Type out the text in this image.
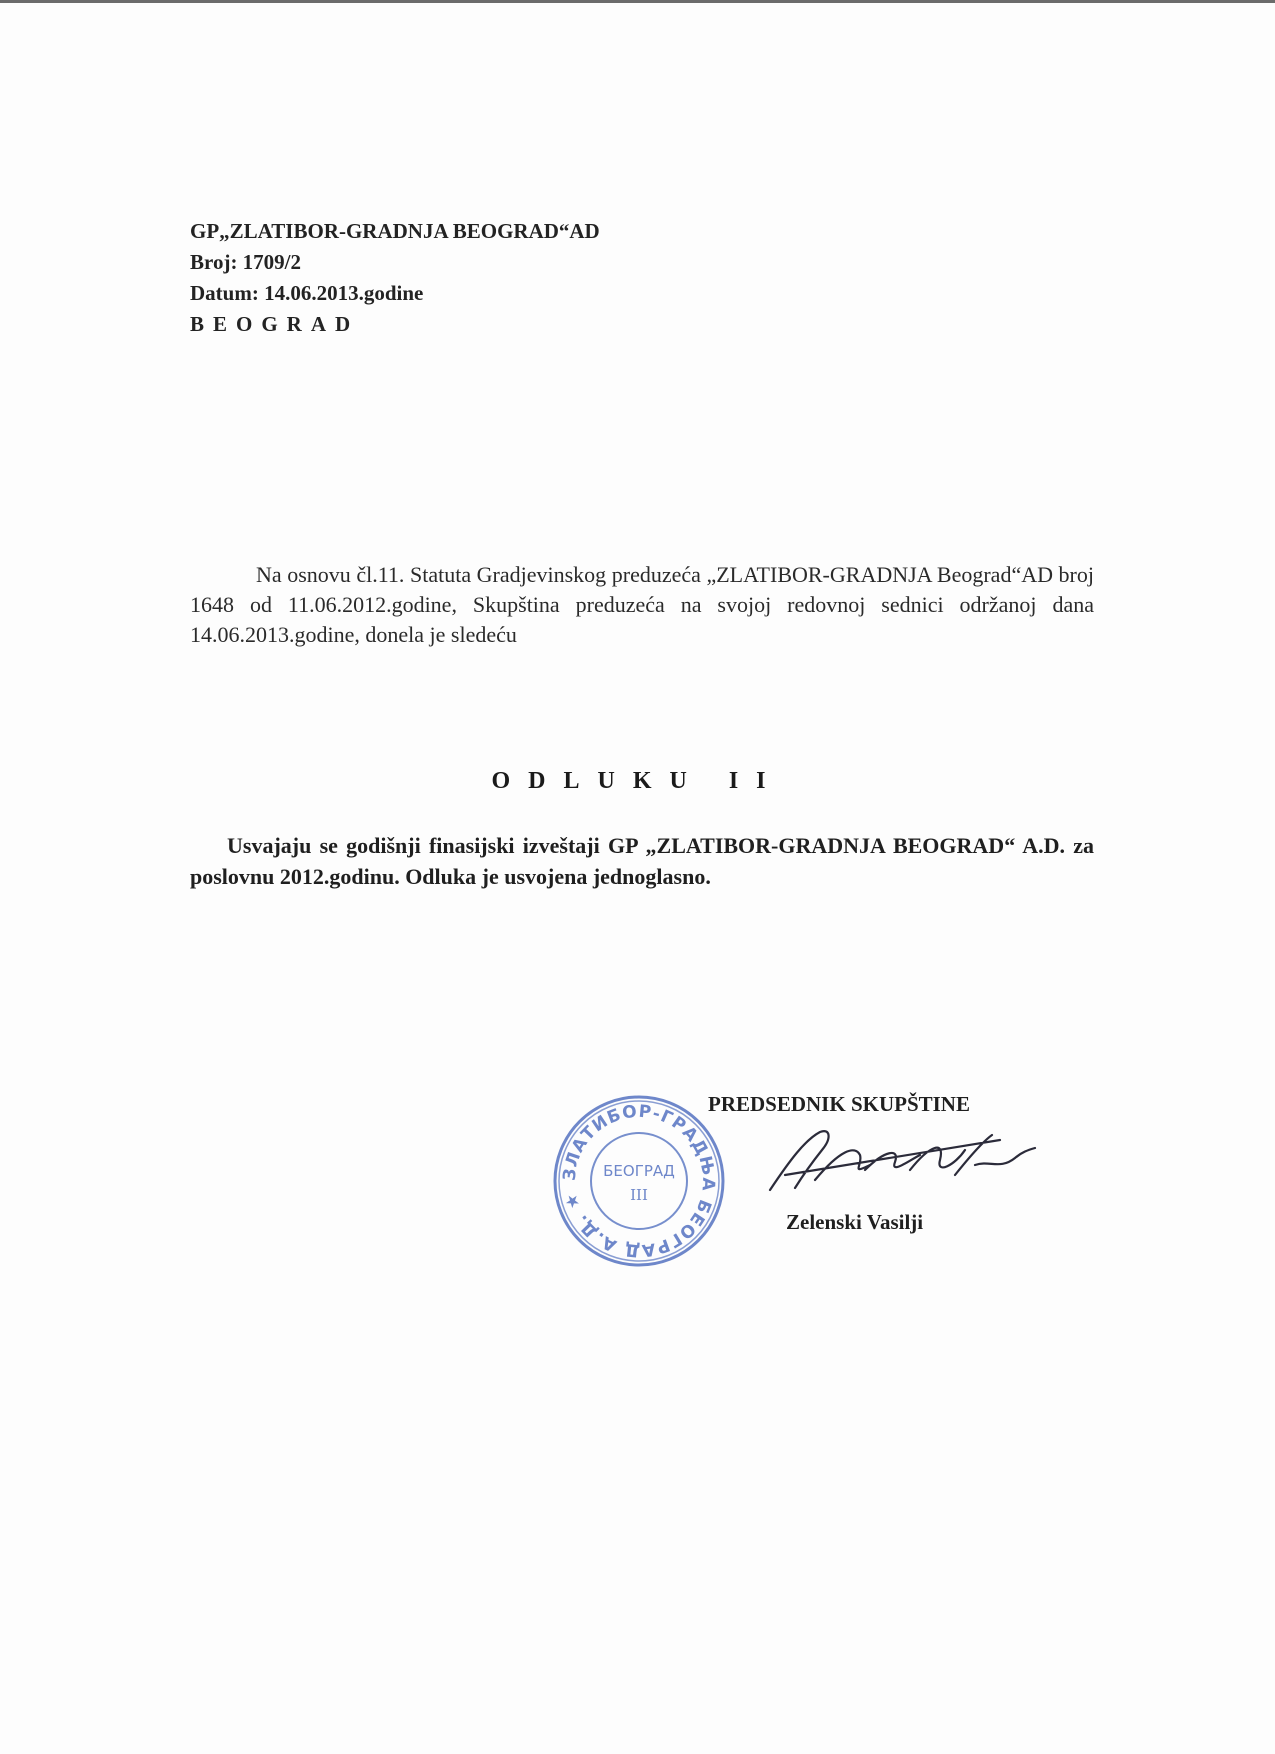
GP„ZLATIBOR-GRADNJA BEOGRAD“AD
Broj: 1709/2
Datum: 14.06.2013.godine
BEOGRAD
Na osnovu čl.11. Statuta Gradjevinskog preduzeća „ZLATIBOR-GRADNJA Beograd“AD broj 1648 od 11.06.2012.godine, Skupština preduzeća na svojoj redovnoj sednici održanoj dana 14.06.2013.godine, donela je sledeću
ODLUKU II
Usvajaju se godišnji finasijski izveštaji GP „ZLATIBOR-GRADNJA BEOGRAD“ A.D. za poslovnu 2012.godinu. Odluka je usvojena jednoglasno.
ЗЛАТИБОР-ГРАДЊА БЕОГРАД А.Д. ★
БЕОГРАД
III
PREDSEDNIK SKUPŠTINE
Zelenski Vasilji
